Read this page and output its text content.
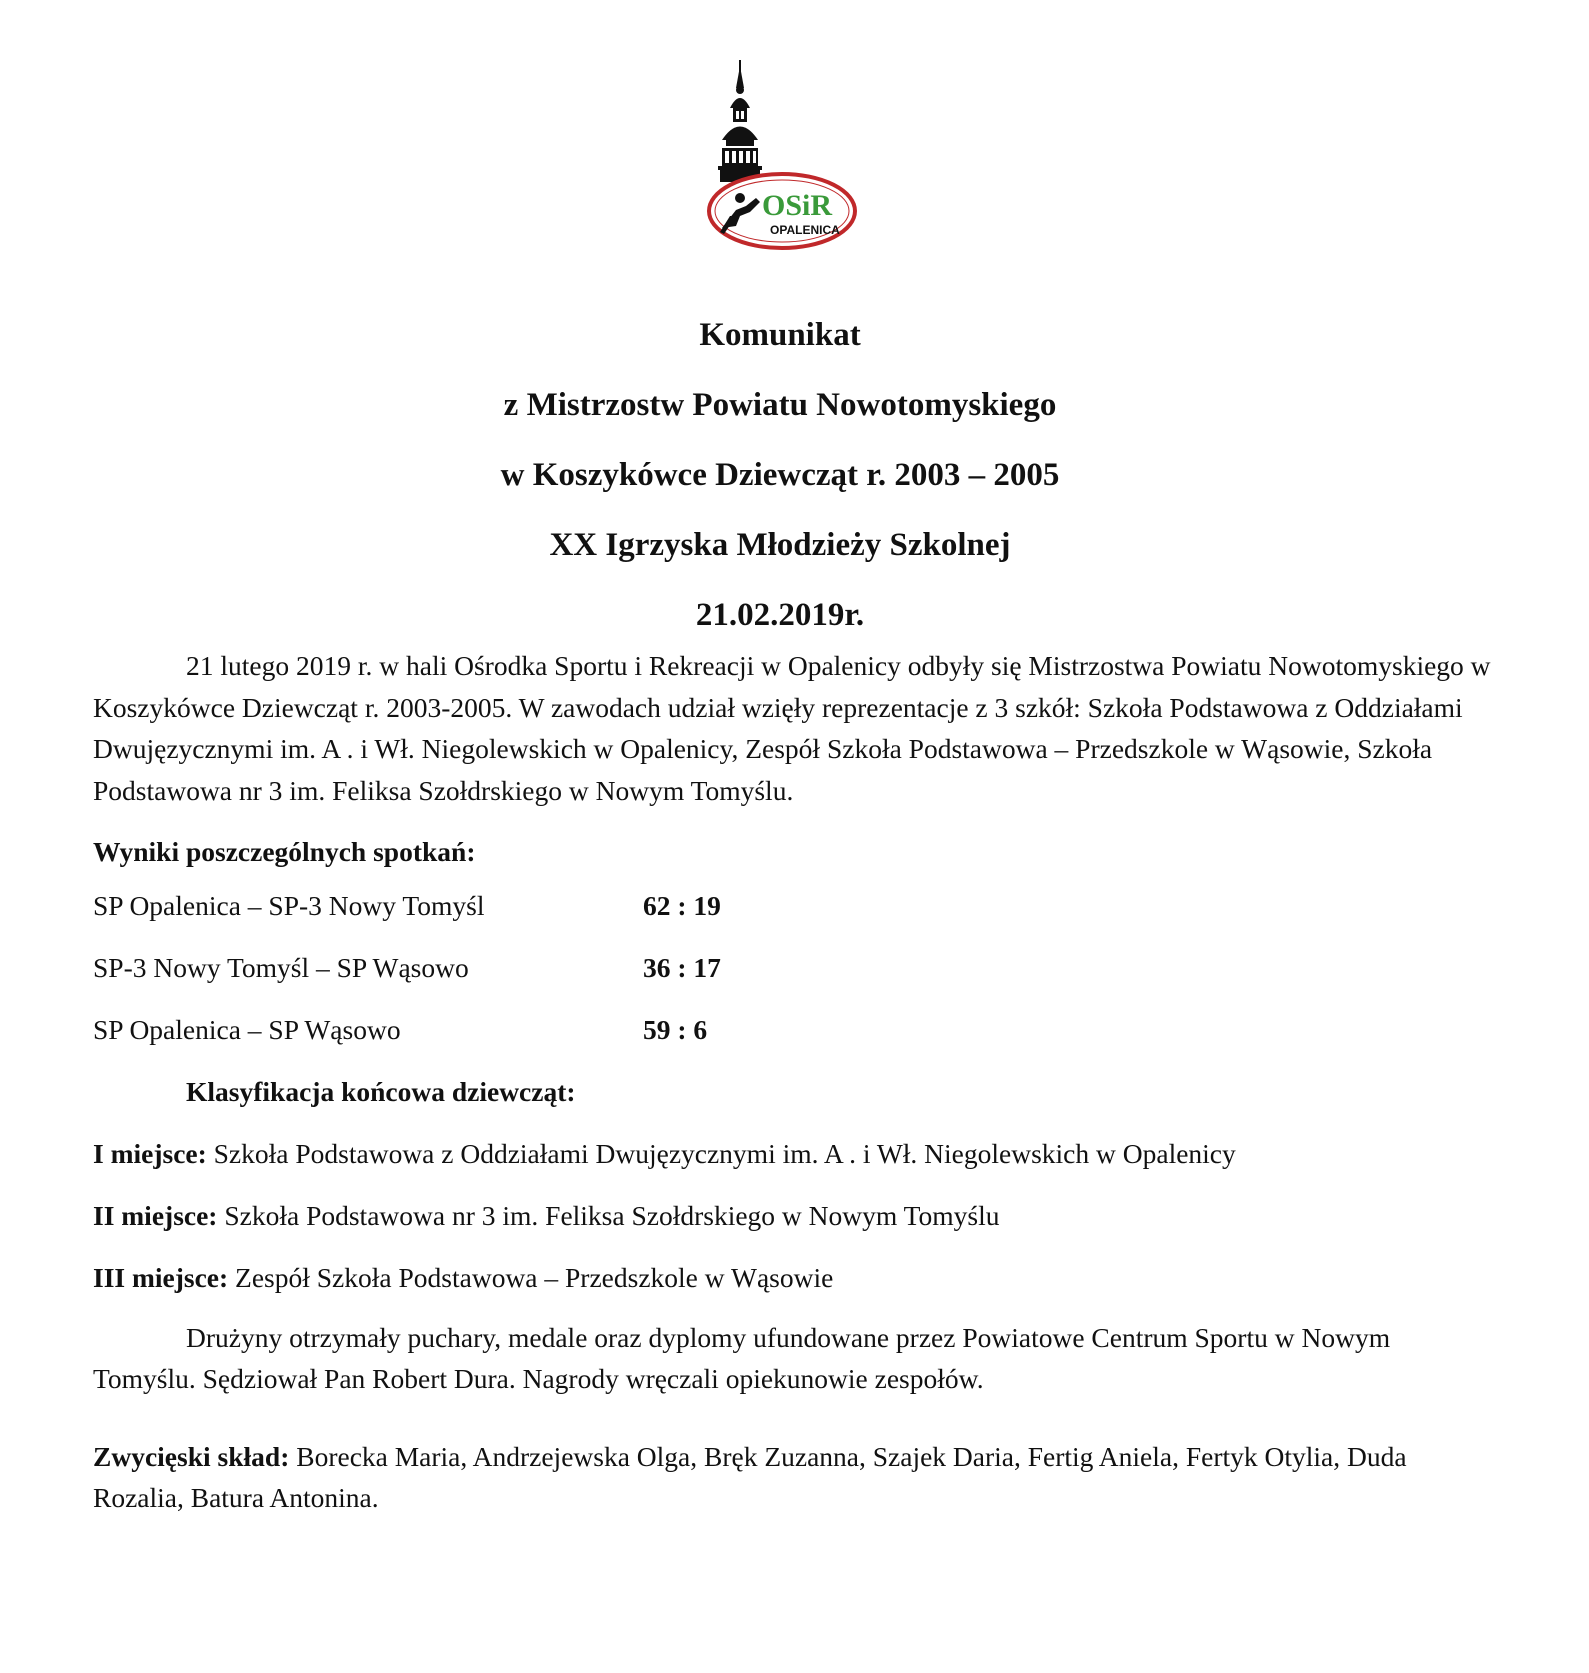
OSiR
OPALENICA

Komunikat

z Mistrzostw Powiatu Nowotomyskiego

w Koszykówce Dziewcząt r. 2003 – 2005

XX Igrzyska Młodzieży Szkolnej

21.02.2019r.

21 lutego 2019 r. w hali Ośrodka Sportu i Rekreacji w Opalenicy odbyły się Mistrzostwa Powiatu Nowotomyskiego w Koszykówce Dziewcząt r. 2003-2005. W zawodach udział wzięły reprezentacje z 3 szkół: Szkoła Podstawowa z Oddziałami Dwujęzycznymi im. A . i Wł. Niegolewskich w Opalenicy, Zespół Szkoła Podstawowa – Przedszkole w Wąsowie, Szkoła Podstawowa nr 3 im. Feliksa Szołdrskiego w Nowym Tomyślu.

Wyniki poszczególnych spotkań:

SP Opalenica – SP-3 Nowy Tomyśl	62 : 19
SP-3 Nowy Tomyśl – SP Wąsowo	36 : 17
SP Opalenica – SP Wąsowo	59 : 6

Klasyfikacja końcowa dziewcząt:

I miejsce: Szkoła Podstawowa z Oddziałami Dwujęzycznymi im. A . i Wł. Niegolewskich w Opalenicy

II miejsce: Szkoła Podstawowa nr 3 im. Feliksa Szołdrskiego w Nowym Tomyślu

III miejsce: Zespół Szkoła Podstawowa – Przedszkole w Wąsowie

Drużyny otrzymały puchary, medale oraz dyplomy ufundowane przez Powiatowe Centrum Sportu w Nowym Tomyślu. Sędziował Pan Robert Dura. Nagrody wręczali opiekunowie zespołów.

Zwycięski skład: Borecka Maria, Andrzejewska Olga, Bręk Zuzanna, Szajek Daria, Fertig Aniela, Fertyk Otylia, Duda Rozalia, Batura Antonina.
